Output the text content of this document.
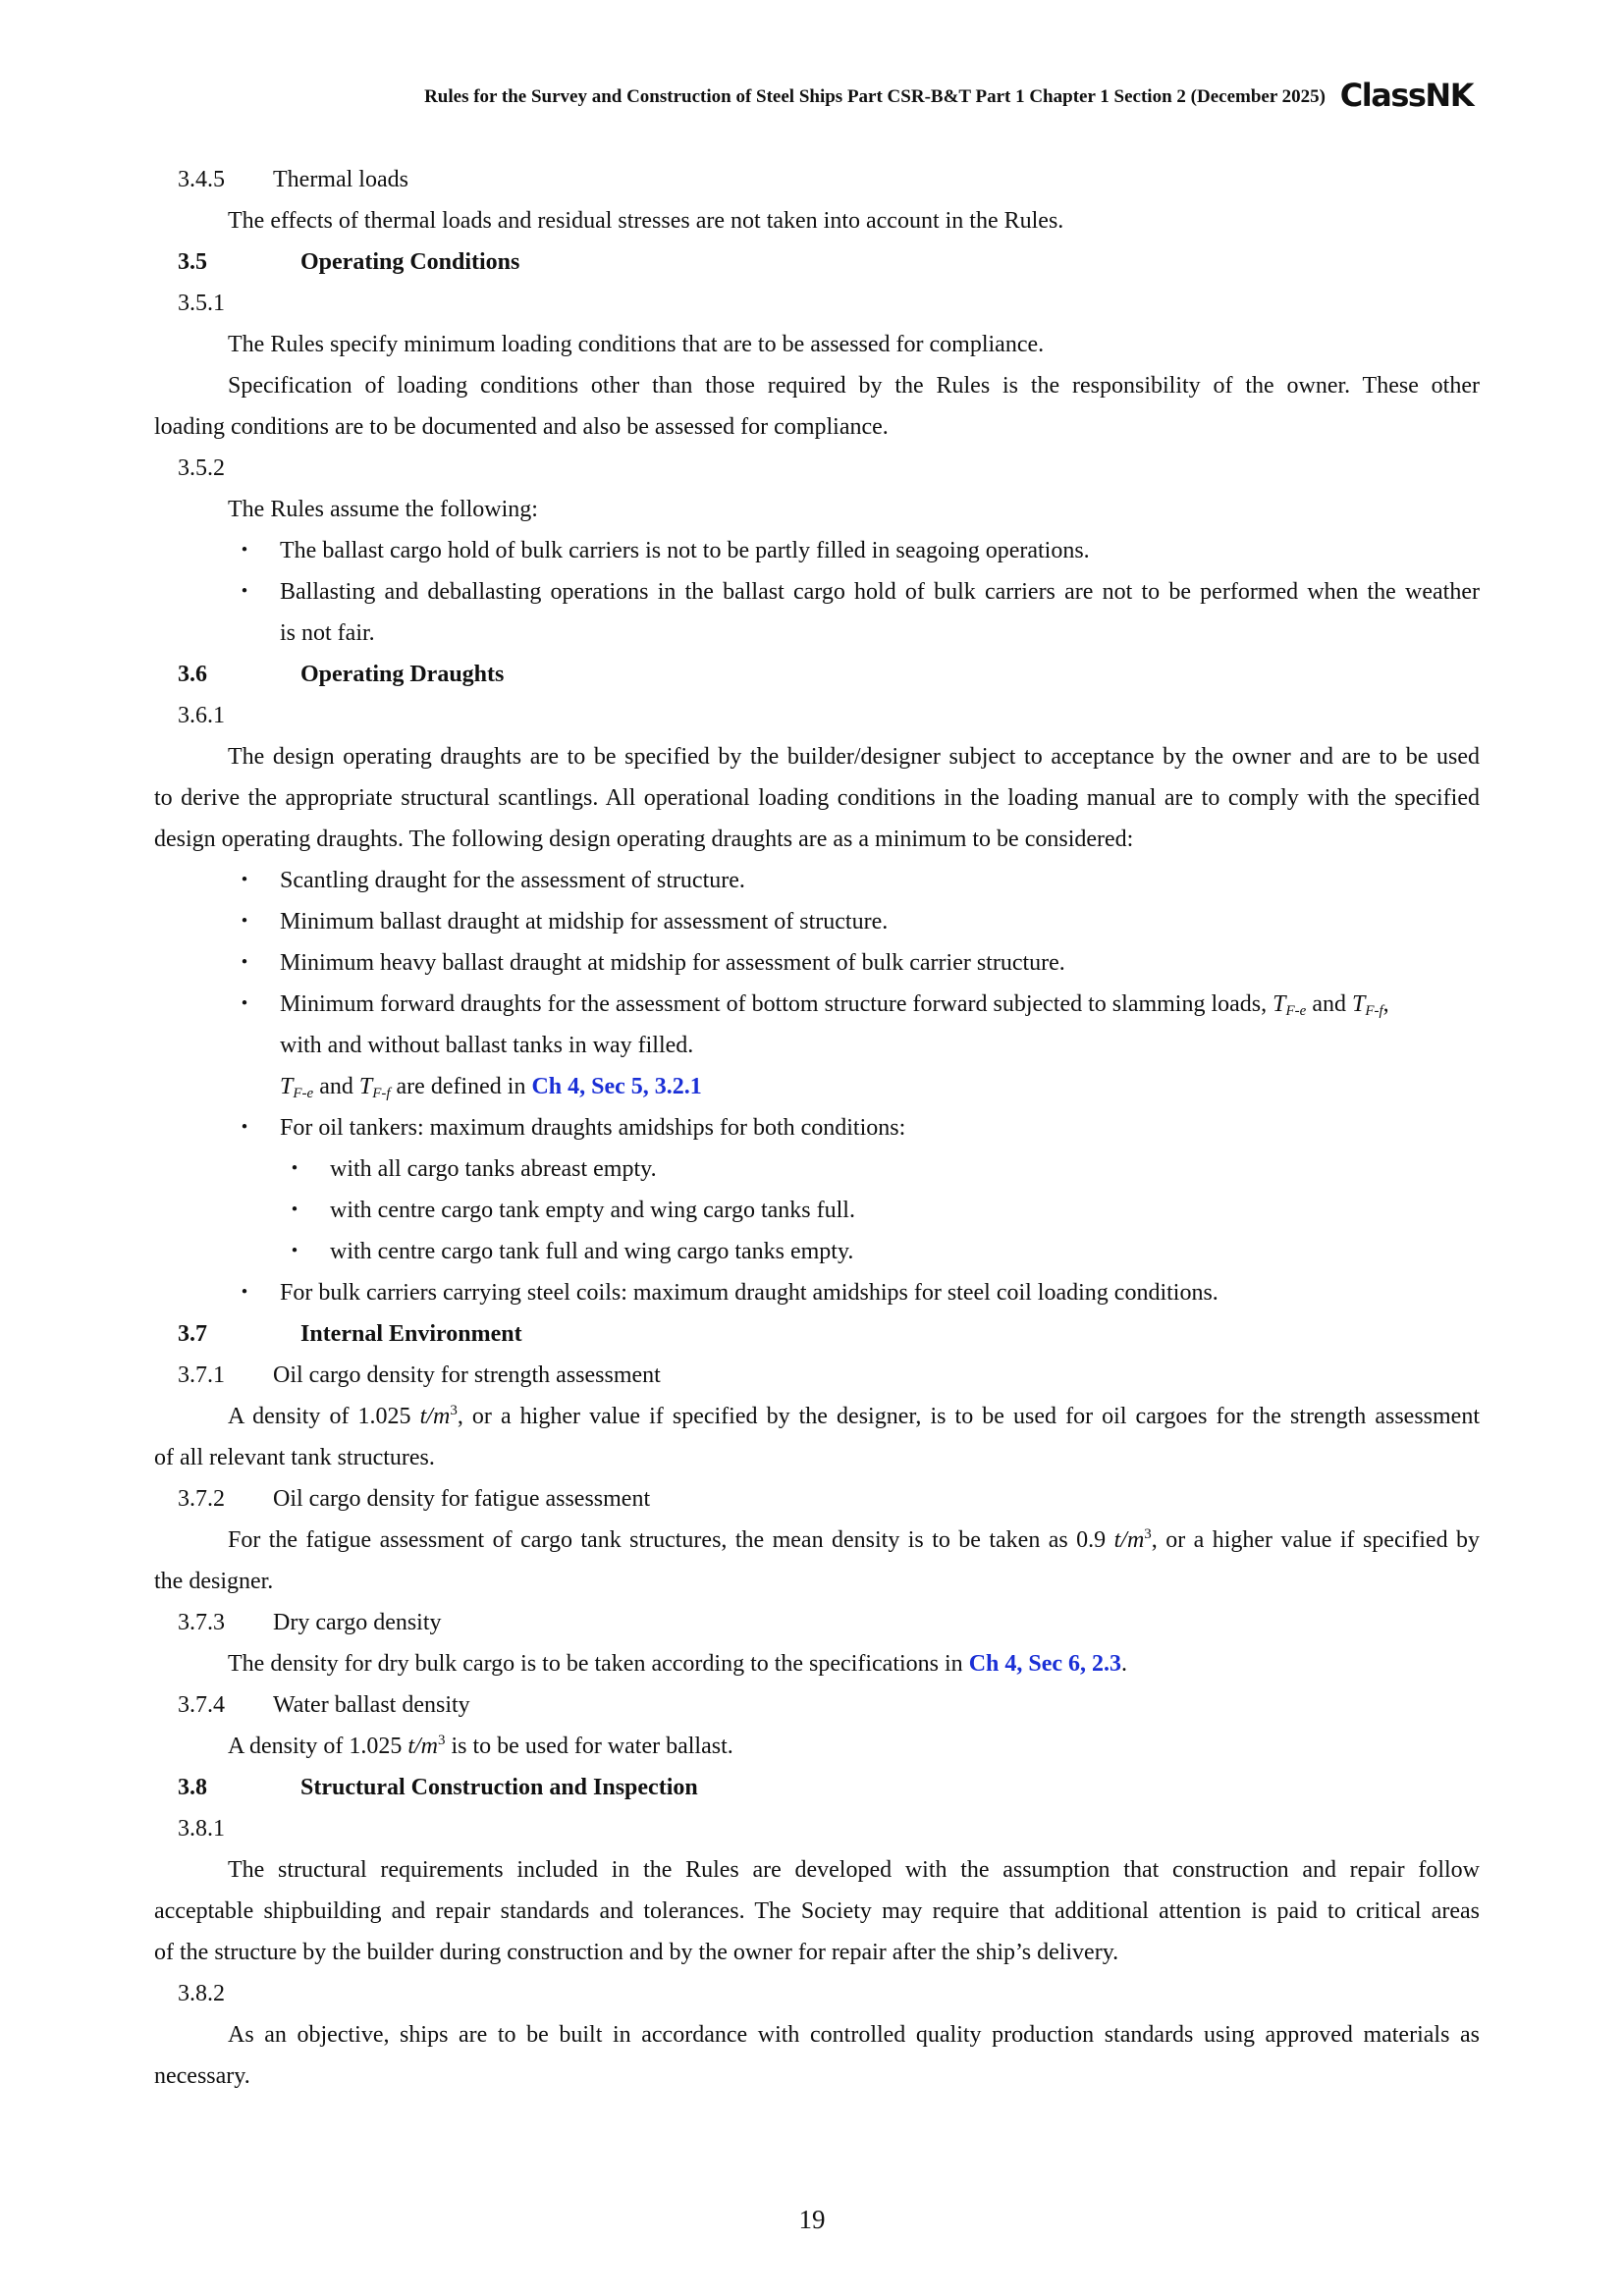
Rules for the Survey and Construction of Steel Ships Part CSR-B&T Part 1 Chapter 1 Section 2 (December 2025) ClassNK
3.4.5 Thermal loads
The effects of thermal loads and residual stresses are not taken into account in the Rules.
3.5	Operating Conditions
3.5.1
The Rules specify minimum loading conditions that are to be assessed for compliance.
Specification of loading conditions other than those required by the Rules is the responsibility of the owner. These other
loading conditions are to be documented and also be assessed for compliance.
3.5.2
The Rules assume the following:
・ The ballast cargo hold of bulk carriers is not to be partly filled in seagoing operations.
・	Ballasting and deballasting operations in the ballast cargo hold of bulk carriers are not to be performed when the weather
is not fair.
3.6	Operating Draughts
3.6.1
The design operating draughts are to be specified by the builder/designer subject to acceptance by the owner and are to be used
to derive the appropriate structural scantlings. All operational loading conditions in the loading manual are to comply with the specified
design operating draughts. The following design operating draughts are as a minimum to be considered:
・ Scantling draught for the assessment of structure.
・ Minimum ballast draught at midship for assessment of structure.
・ Minimum heavy ballast draught at midship for assessment of bulk carrier structure.
・	Minimum forward draughts for the assessment of bottom structure forward subjected to slamming loads, $T_{F-e}$ and $T_{F-f}$,
with and without ballast tanks in way filled.
$T_{F-e}$ and $T_{F-f}$ are defined in Ch 4, Sec 5, 3.2.1
・ For oil tankers: maximum draughts amidships for both conditions:
・ with all cargo tanks abreast empty.
・ with centre cargo tank empty and wing cargo tanks full.
・ with centre cargo tank full and wing cargo tanks empty.
・ For bulk carriers carrying steel coils: maximum draught amidships for steel coil loading conditions.
3.7	Internal Environment
3.7.1 Oil cargo density for strength assessment
A density of 1.025 $t/m^3$, or a higher value if specified by the designer, is to be used for oil cargoes for the strength assessment
of all relevant tank structures.
3.7.2 Oil cargo density for fatigue assessment
For the fatigue assessment of cargo tank structures, the mean density is to be taken as 0.9 $t/m^3$, or a higher value if specified by
the designer.
3.7.3 Dry cargo density
The density for dry bulk cargo is to be taken according to the specifications in Ch 4, Sec 6, 2.3.
3.7.4 Water ballast density
A density of 1.025 $t/m^3$ is to be used for water ballast.
3.8	Structural Construction and Inspection
3.8.1
The structural requirements included in the Rules are developed with the assumption that construction and repair follow
acceptable shipbuilding and repair standards and tolerances. The Society may require that additional attention is paid to critical areas
of the structure by the builder during construction and by the owner for repair after the ship’s delivery.
3.8.2
As an objective, ships are to be built in accordance with controlled quality production standards using approved materials as
necessary.
19
